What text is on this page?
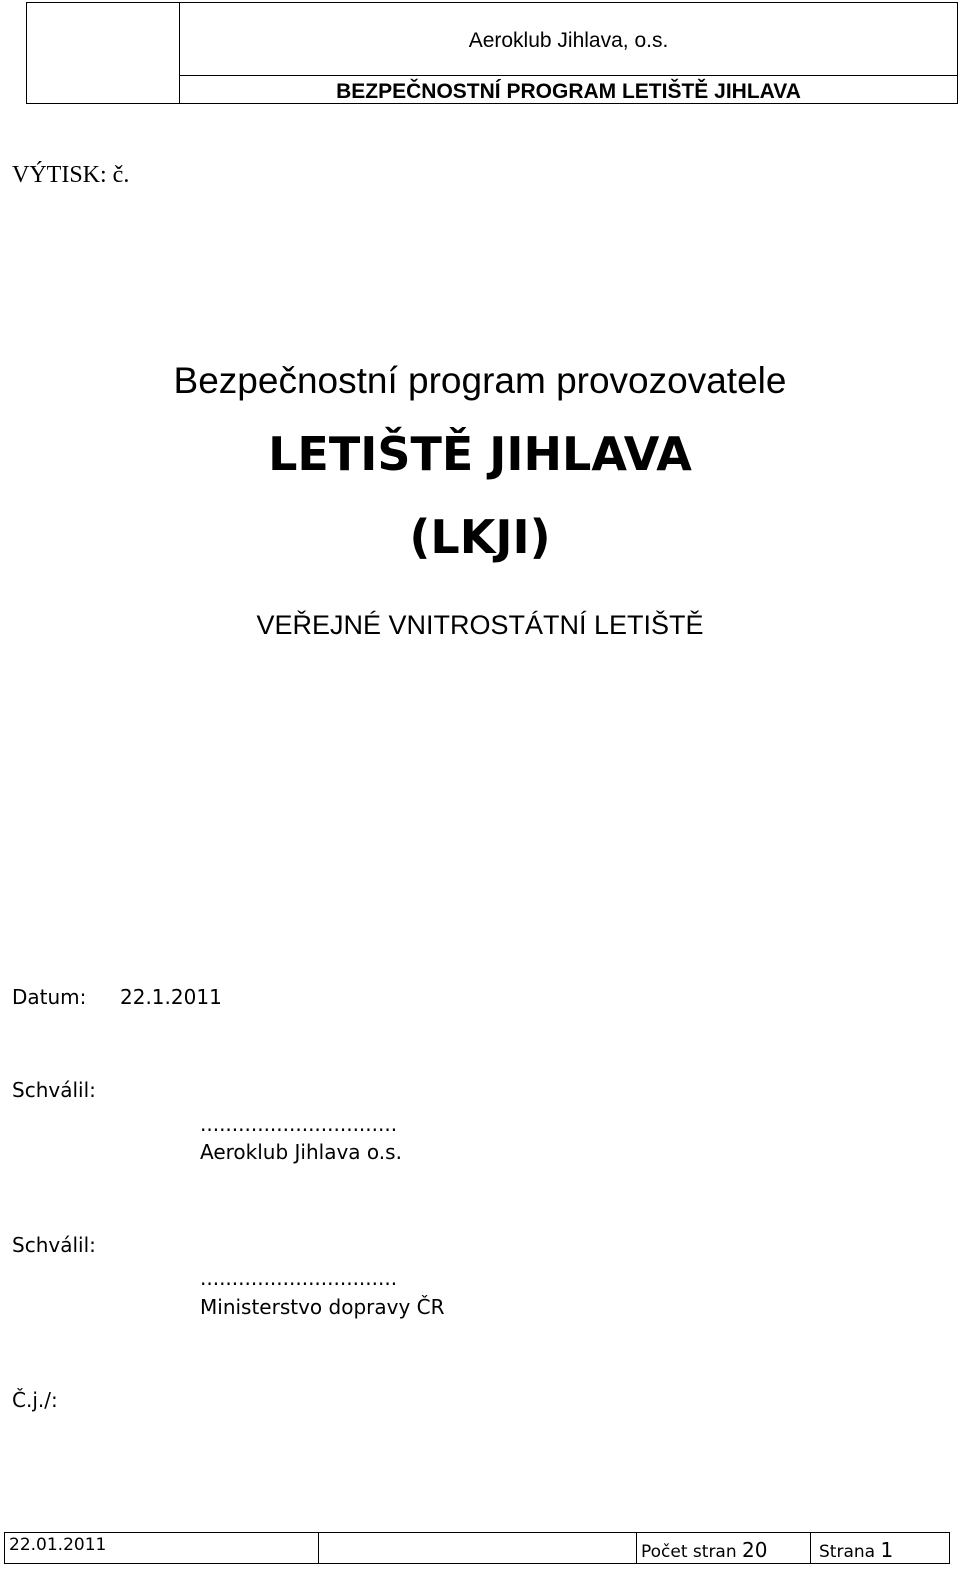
Aeroklub Jihlava, o.s.
BEZPEČNOSTNÍ PROGRAM LETIŠTĚ JIHLAVA
VÝTISK: č.
Bezpečnostní program provozovatele
LETIŠTĚ JIHLAVA
(LKJI)
VEŘEJNÉ VNITROSTÁTNÍ LETIŠTĚ
Datum: 22.1.2011
Schválil:
...............................
Aeroklub Jihlava o.s.
Schválil:
...............................
Ministerstvo dopravy ČR
Č.j./:
22.01.2011	Počet stran 20	Strana 1
